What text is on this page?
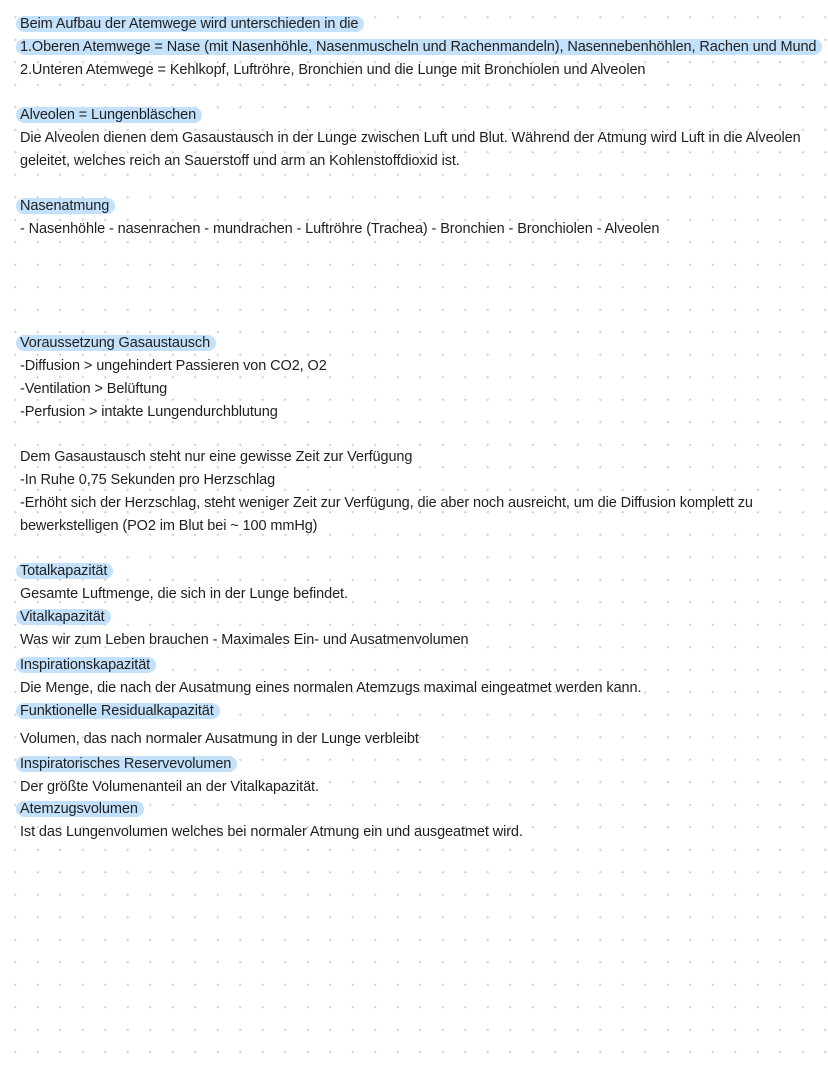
Beim Aufbau der Atemwege wird unterschieden in die
1.Oberen Atemwege = Nase (mit Nasenhöhle, Nasenmuscheln und Rachenmandeln), Nasennebenhöhlen, Rachen und Mund
2.Unteren Atemwege = Kehlkopf, Luftröhre, Bronchien und die Lunge mit Bronchiolen und Alveolen
Alveolen = Lungenbläschen
Die Alveolen dienen dem Gasaustausch in der Lunge zwischen Luft und Blut. Während der Atmung wird Luft in die Alveolen
geleitet, welches reich an Sauerstoff und arm an Kohlenstoffdioxid ist.
Nasenatmung
- Nasenhöhle - nasenrachen - mundrachen - Luftröhre (Trachea) - Bronchien - Bronchiolen - Alveolen
Voraussetzung Gasaustausch
-Diffusion > ungehindert Passieren von CO2, O2
-Ventilation > Belüftung
-Perfusion > intakte Lungendurchblutung
Dem Gasaustausch steht nur eine gewisse Zeit zur Verfügung
-In Ruhe 0,75 Sekunden pro Herzschlag
-Erhöht sich der Herzschlag, steht weniger Zeit zur Verfügung, die aber noch ausreicht, um die Diffusion komplett zu
bewerkstelligen (PO2 im Blut bei ~ 100 mmHg)
Totalkapazität
Gesamte Luftmenge, die sich in der Lunge befindet.
Vitalkapazität
Was wir zum Leben brauchen - Maximales Ein- und Ausatmenvolumen
Inspirationskapazität
Die Menge, die nach der Ausatmung eines normalen Atemzugs maximal eingeatmet werden kann.
Funktionelle Residualkapazität
Volumen, das nach normaler Ausatmung in der Lunge verbleibt
Inspiratorisches Reservevolumen
Der größte Volumenanteil an der Vitalkapazität.
Atemzugsvolumen
Ist das Lungenvolumen welches bei normaler Atmung ein und ausgeatmet wird.
